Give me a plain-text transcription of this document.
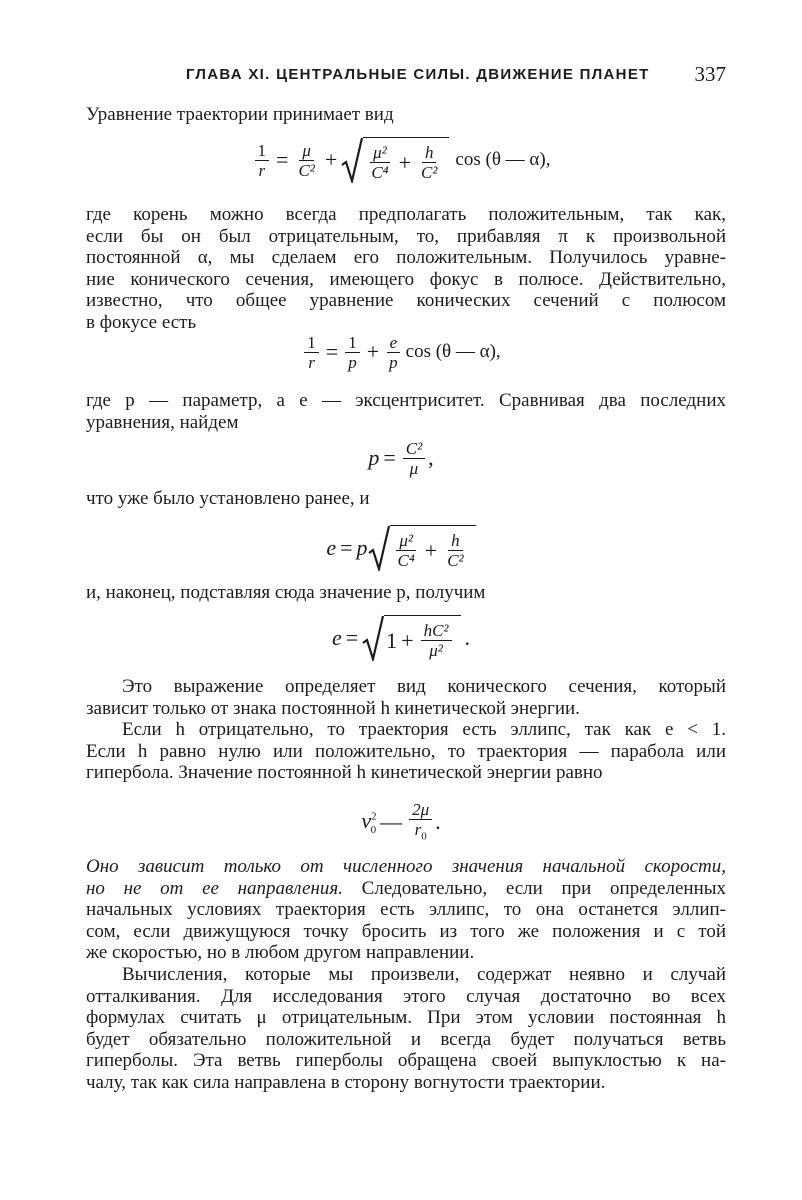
ГЛАВА XI. ЦЕНТРАЛЬНЫЕ СИЛЫ. ДВИЖЕНИЕ ПЛАНЕТ 337

Уравнение траектории принимает вид

$\frac{1}{r} = \frac{\mu}{\text{C²}} + \frac{\text{μ²}}{\text{C⁴}} + \frac{h}{\text{C²}}$ cos (θ — α),

где корень можно всегда предполагать положительным, так как,

если бы он был отрицательным, то, прибавляя π к произвольной

постоянной α, мы сделаем его положительным. Получилось уравне-

ние конического сечения, имеющего фокус в полюсе. Действительно,

известно, что общее уравнение конических сечений с полюсом

в фокусе есть

$\frac{1}{r} = \frac{1}{p} + \frac{e}{p}$ cos (θ — α),

где p — параметр, а e — эксцентриситет. Сравнивая два последних

уравнения, найдем

$p = \frac{\text{C²}}{\mu}$ ,

что уже было установлено ранее, и

e = p $\frac{\text{μ²}}{\text{C⁴}} + \frac{h}{\text{C²}}$

и, наконец, подставляя сюда значение p, получим

$e = 1 + \frac{\text{hC²}}{\text{μ²}}$ .

Это выражение определяет вид конического сечения, который

зависит только от знака постоянной h кинетической энергии.

Если h отрицательно, то траектория есть эллипс, так как e < 1.

Если h равно нулю или положительно, то траектория — парабола или

гипербола. Значение постоянной h кинетической энергии равно

$v^2_0$ — $\frac{2\mu}{r_0}$ .

Оно зависит только от численного значения начальной скорости,

но не от ее направления. Следовательно, если при определенных

начальных условиях траектория есть эллипс, то она останется эллип-

сом, если движущуюся точку бросить из того же положения и с той

же скоростью, но в любом другом направлении.

Вычисления, которые мы произвели, содержат неявно и случай

отталкивания. Для исследования этого случая достаточно во всех

формулах считать μ отрицательным. При этом условии постоянная h

будет обязательно положительной и всегда будет получаться ветвь

гиперболы. Эта ветвь гиперболы обращена своей выпуклостью к на-

чалу, так как сила направлена в сторону вогнутости траектории.
